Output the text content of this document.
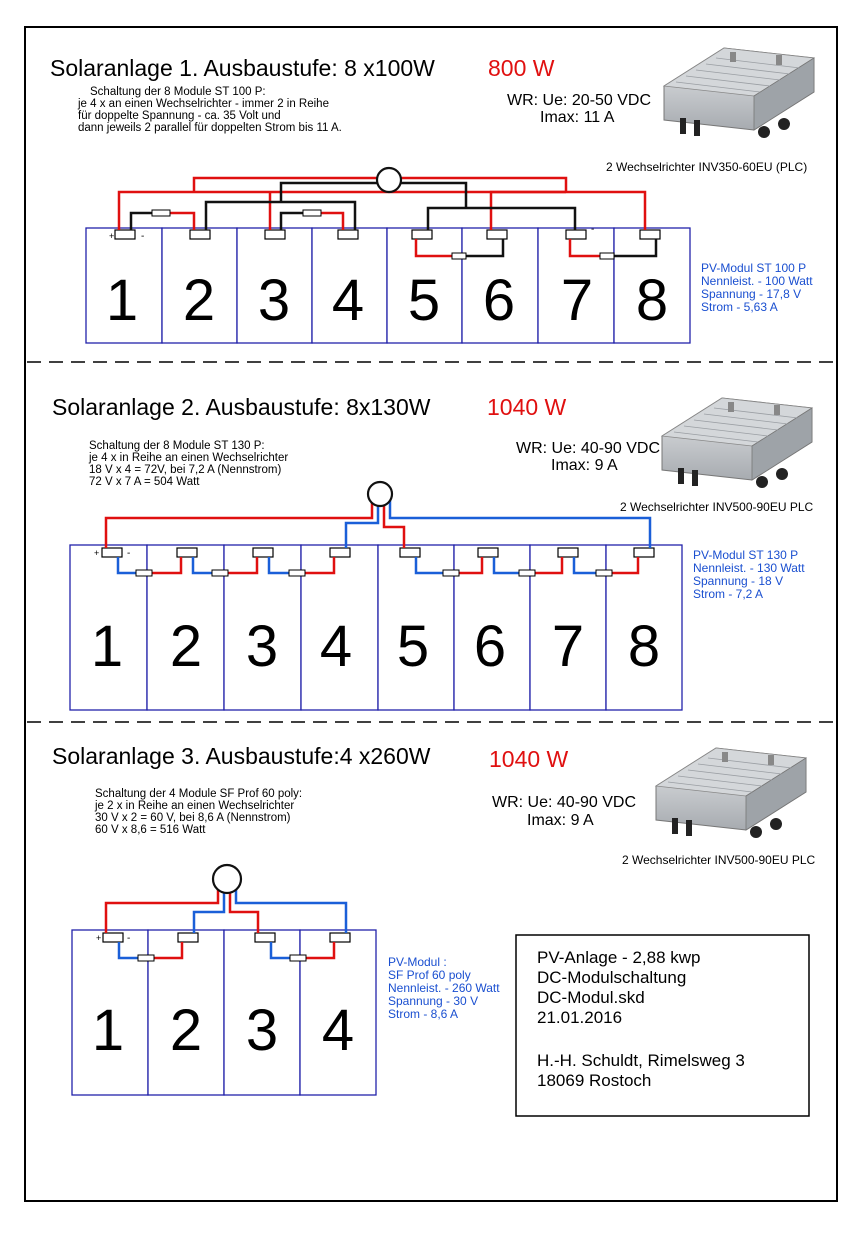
Solaranlage 1. Ausbaustufe: 8 x100W 800 W
Schaltung der 8 Module ST 100 P:
je 4 x an einen Wechselrichter - immer 2 in Reihe
für doppelte Spannung - ca. 35 Volt und
dann jeweils 2 parallel für doppelten Strom bis 11 A.
WR: Ue: 20-50 VDC
Imax: 11 A
2 Wechselrichter INV350-60EU (PLC)
1 2 3 4 5 6 7 8
+	-
-
PV-Modul ST 100 P
Nennleist. - 100 Watt
Spannung - 17,8 V
Strom - 5,63 A
Solaranlage 2. Ausbaustufe: 8x130W 1040 W
Schaltung der 8 Module ST 130 P:
je 4 x in Reihe an einen Wechselrichter
18 V x 4 = 72V, bei 7,2 A (Nennstrom)
72 V x 7 A = 504 Watt
WR: Ue: 40-90 VDC
Imax: 9 A
2 Wechselrichter INV500-90EU PLC
1 2 3 4 5 6 7 8
+	-	PV-Modul ST 130 P
Nennleist. - 130 Watt
Spannung - 18 V
Strom - 7,2 A
Solaranlage 3. Ausbaustufe:4 x260W	1040 W
Schaltung der 4 Module SF Prof 60 poly:
je 2 x in Reihe an einen Wechselrichter
30 V x 2 = 60 V, bei 8,6 A (Nennstrom)
60 V x 8,6 = 516 Watt
WR: Ue: 40-90 VDC
Imax: 9 A
2 Wechselrichter INV500-90EU PLC
1 2 3 4
+	-
PV-Modul :
SF Prof 60 poly
Nennleist. - 260 Watt
Spannung - 30 V
Strom - 8,6 A
PV-Anlage - 2,88 kwp
DC-Modulschaltung
DC-Modul.skd
21.01.2016
H.-H. Schuldt, Rimelsweg 3
18069 Rostoch
